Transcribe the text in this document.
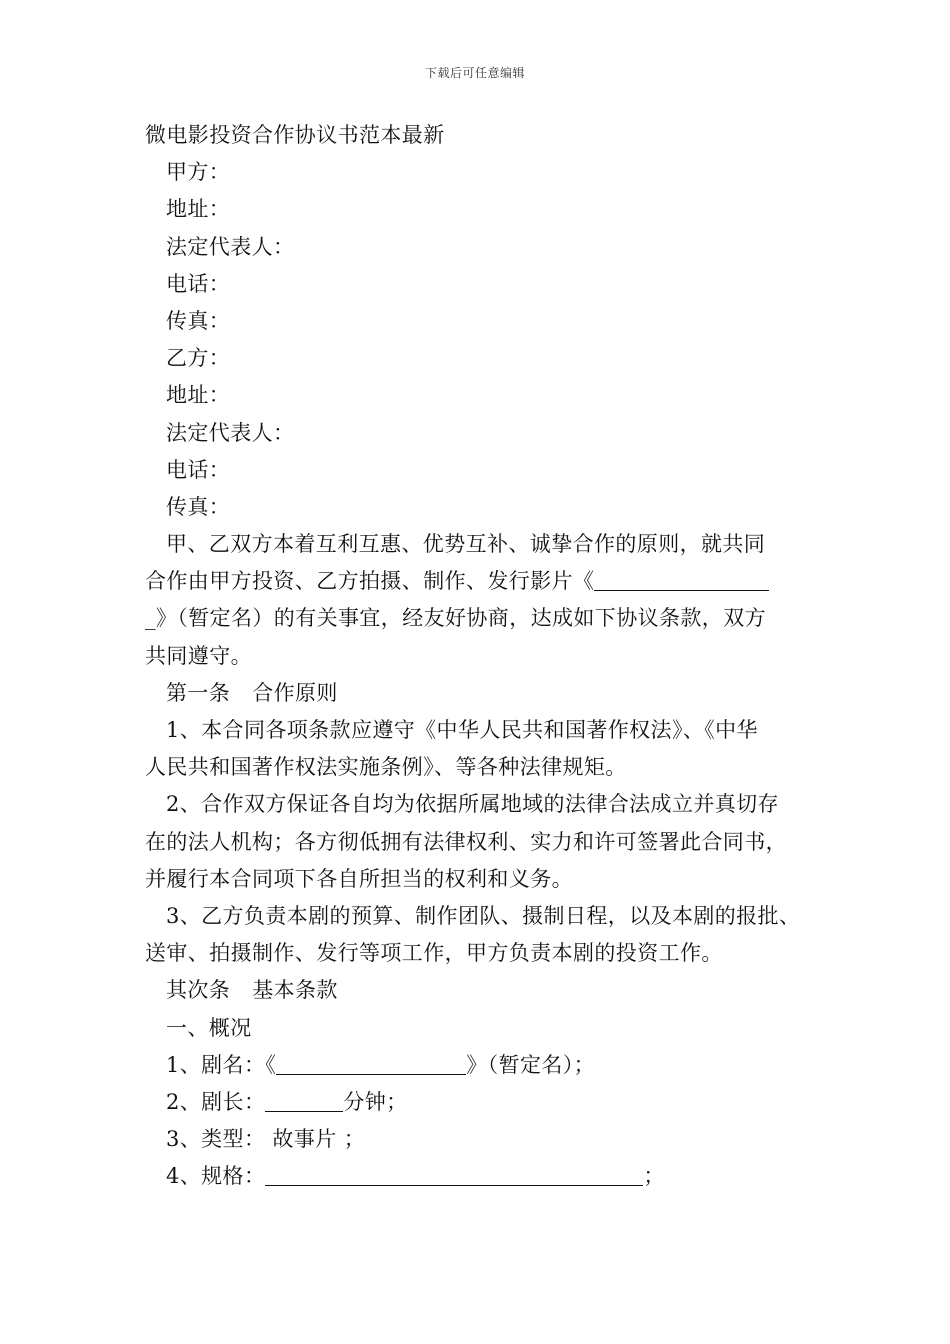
下载后可任意编辑
微电影投资合作协议书范本最新
甲方：
地址：
法定代表人：
电话：
传真：
乙方：
地址：
法定代表人：
电话：
传真：
甲、乙双方本着互利互惠、优势互补、诚挚合作的原则，就共同
合作由甲方投资、乙方拍摄、制作、发行影片《
_》（暂定名）的有关事宜，经友好协商，达成如下协议条款，双方
共同遵守。
第一条 合作原则
1、本合同各项条款应遵守《中华人民共和国著作权法》、《中华
人民共和国著作权法实施条例》、等各种法律规矩。
2、合作双方保证各自均为依据所属地域的法律合法成立并真切存
在的法人机构；各方彻低拥有法律权利、实力和许可签署此合同书，
并履行本合同项下各自所担当的权利和义务。
3、乙方负责本剧的预算、制作团队、摄制日程，以及本剧的报批、
送审、拍摄制作、发行等项工作，甲方负责本剧的投资工作。
其次条 基本条款
一、概况
1、剧名：《	》（暂定名）；
2、剧长：	分钟；
3、类型： 故事片 ；
4、规格：	；
